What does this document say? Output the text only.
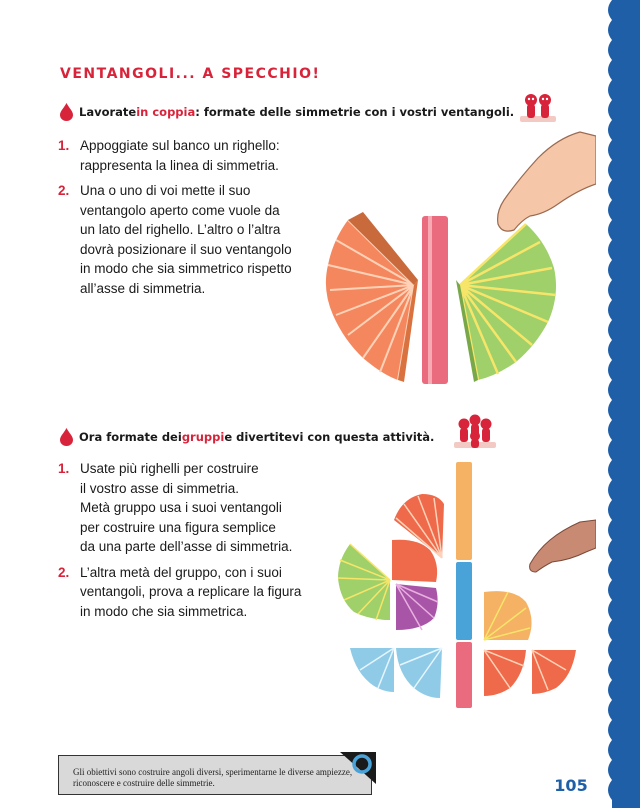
VENTANGOLI... A SPECCHIO!
Lavorate in coppia : formate delle simmetrie con i vostri ventangoli.
1. Appoggiate sul banco un righello:
rappresenta la linea di simmetria.
2. Una o uno di voi mette il suo
ventangolo aperto come vuole da
un lato del righello. L’altro o l’altra
dovrà posizionare il suo ventangolo
in modo che sia simmetrico rispetto
all’asse di simmetria.
Ora formate dei gruppi e divertitevi con questa attività.
1. Usate più righelli per costruire
il vostro asse di simmetria.
Metà gruppo usa i suoi ventangoli
per costruire una figura semplice
da una parte dell’asse di simmetria.
2. L’altra metà del gruppo, con i suoi
ventangoli, prova a replicare la figura
in modo che sia simmetrica.
Gli obiettivi sono costruire angoli diversi, sperimentarne le diverse ampiezze, riconoscere e costruire delle simmetrie.	105
